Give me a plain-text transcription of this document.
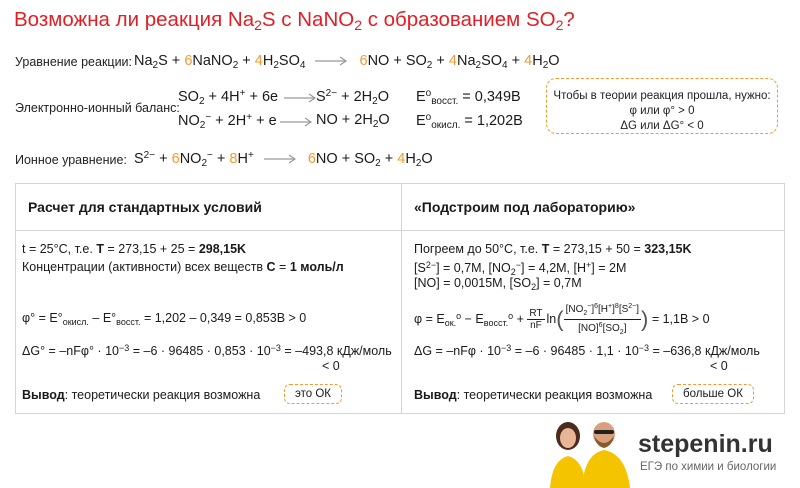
Возможна ли реакция $Na_2S$ с NaNO$_2$ с образованием $SO_2$?
Уравнение реакции: $Na_2S$ + 6NaNO$_2$ + $4H_2SO_4$	$6NO + SO_2 + 4Na_2SO_4 + 4H_2O$
Электронно-ионный баланс:
$SO_2 + 4H^+ + 6e$	$S^{2-} + 2H_2O$ $E^o_{восст.} = 0,349В$
$NO_2^- + 2H^+ + e$	NO + $2H_2O$ $E^o_{окисл.} = 1,202В$
Чтобы в теории реакция прошла, нужно:
φ или φ° > 0
ΔG или ΔG° < 0
Ионное уравнение: $S^{2-} + 6NO_2^- + 8H^+$	$6NO + SO_2 + 4H_2O$
Расчет для стандартных условий
t = 25°C, т.е. T = 273,15 + 25 = 298,15K
Концентрации (активности) всех веществ C = 1 моль/л
$\varphi^\circ = E^\circ_{окисл.} - E^\circ_{восст.} = 1,202 - 0,349 = 0,853В > 0$
$\Delta G^\circ = -nF\varphi^\circ \cdot 10^{-3} = -6 \cdot 96485 \cdot 0,853 \cdot 10^{-3} = -493,8$ кДж/моль
< 0
Вывод: теоретически реакция возможна	это ОК
«Подстроим под лабораторию»
Погреем до 50°C, т.е. T = 273,15 + 50 = 323,15K
$[S^{2-}] = 0,7M$, $[NO_2^-] = 4,2M$, [H+] = 2M
[NO] = 0,0015M, $[SO_2] = 0,7M$
$\varphi = E_{ок.}^o - E_{восст.}^o + \frac{RT}{nF} \ln( \frac{[NO_2^-]^6[H^+]^8[S^{2-}]}{[NO]^6[SO_2]}$ ) = 1,1В > 0
$\Delta G = -nF\varphi \cdot 10^{-3} = -6 \cdot 96485 \cdot 1,1 \cdot 10^{-3} = -636,8$ кДж/моль
< 0
Вывод: теоретически реакция возможна	больше ОК
stepenin.ru
ЕГЭ по химии и биологии
